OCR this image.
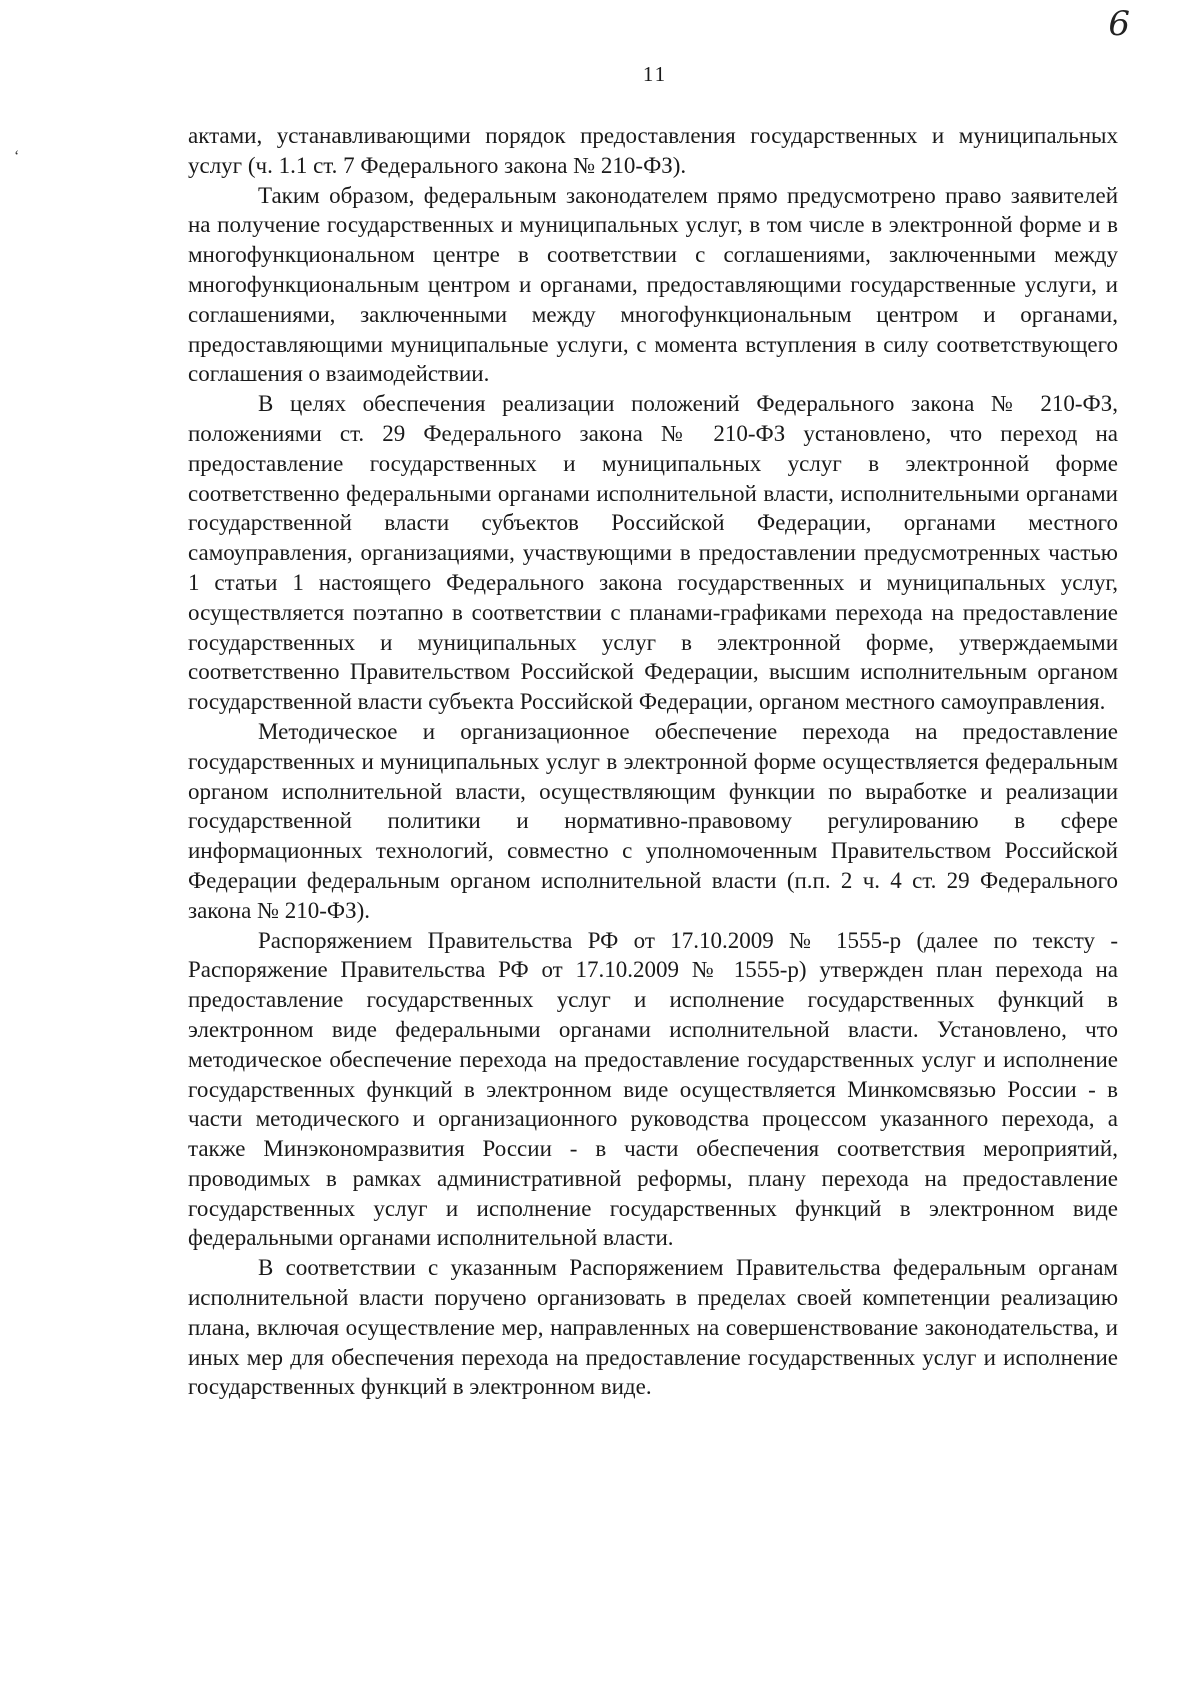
6
11
ʻ

актами, устанавливающими порядок предоставления государственных и муниципальных услуг (ч. 1.1 ст. 7 Федерального закона № 210-ФЗ).

Таким образом, федеральным законодателем прямо предусмотрено право заявителей на получение государственных и муниципальных услуг, в том числе в электронной форме и в многофункциональном центре в соответствии с соглашениями, заключенными между многофункциональным центром и органами, предоставляющими государственные услуги, и соглашениями, заключенными между многофункциональным центром и органами, предоставляющими муниципальные услуги, с момента вступления в силу соответствующего соглашения о взаимодействии.

В целях обеспечения реализации положений Федерального закона № 210-ФЗ, положениями ст. 29 Федерального закона № 210-ФЗ установлено, что переход на предоставление государственных и муниципальных услуг в электронной форме соответственно федеральными органами исполнительной власти, исполнительными органами государственной власти субъектов Российской Федерации, органами местного самоуправления, организациями, участвующими в предоставлении предусмотренных частью 1 статьи 1 настоящего Федерального закона государственных и муниципальных услуг, осуществляется поэтапно в соответствии с планами-графиками перехода на предоставление государственных и муниципальных услуг в электронной форме, утверждаемыми соответственно Правительством Российской Федерации, высшим исполнительным органом государственной власти субъекта Российской Федерации, органом местного самоуправления.

Методическое и организационное обеспечение перехода на предоставление государственных и муниципальных услуг в электронной форме осуществляется федеральным органом исполнительной власти, осуществляющим функции по выработке и реализации государственной политики и нормативно-правовому регулированию в сфере информационных технологий, совместно с уполномоченным Правительством Российской Федерации федеральным органом исполнительной власти (п.п. 2 ч. 4 ст. 29 Федерального закона № 210-ФЗ).

Распоряжением Правительства РФ от 17.10.2009 № 1555-р (далее по тексту - Распоряжение Правительства РФ от 17.10.2009 № 1555-р) утвержден план перехода на предоставление государственных услуг и исполнение государственных функций в электронном виде федеральными органами исполнительной власти. Установлено, что методическое обеспечение перехода на предоставление государственных услуг и исполнение государственных функций в электронном виде осуществляется Минкомсвязью России - в части методического и организационного руководства процессом указанного перехода, а также Минэкономразвития России - в части обеспечения соответствия мероприятий, проводимых в рамках административной реформы, плану перехода на предоставление государственных услуг и исполнение государственных функций в электронном виде федеральными органами исполнительной власти.

В соответствии с указанным Распоряжением Правительства федеральным органам исполнительной власти поручено организовать в пределах своей компетенции реализацию плана, включая осуществление мер, направленных на совершенствование законодательства, и иных мер для обеспечения перехода на предоставление государственных услуг и исполнение государственных функций в электронном виде.
